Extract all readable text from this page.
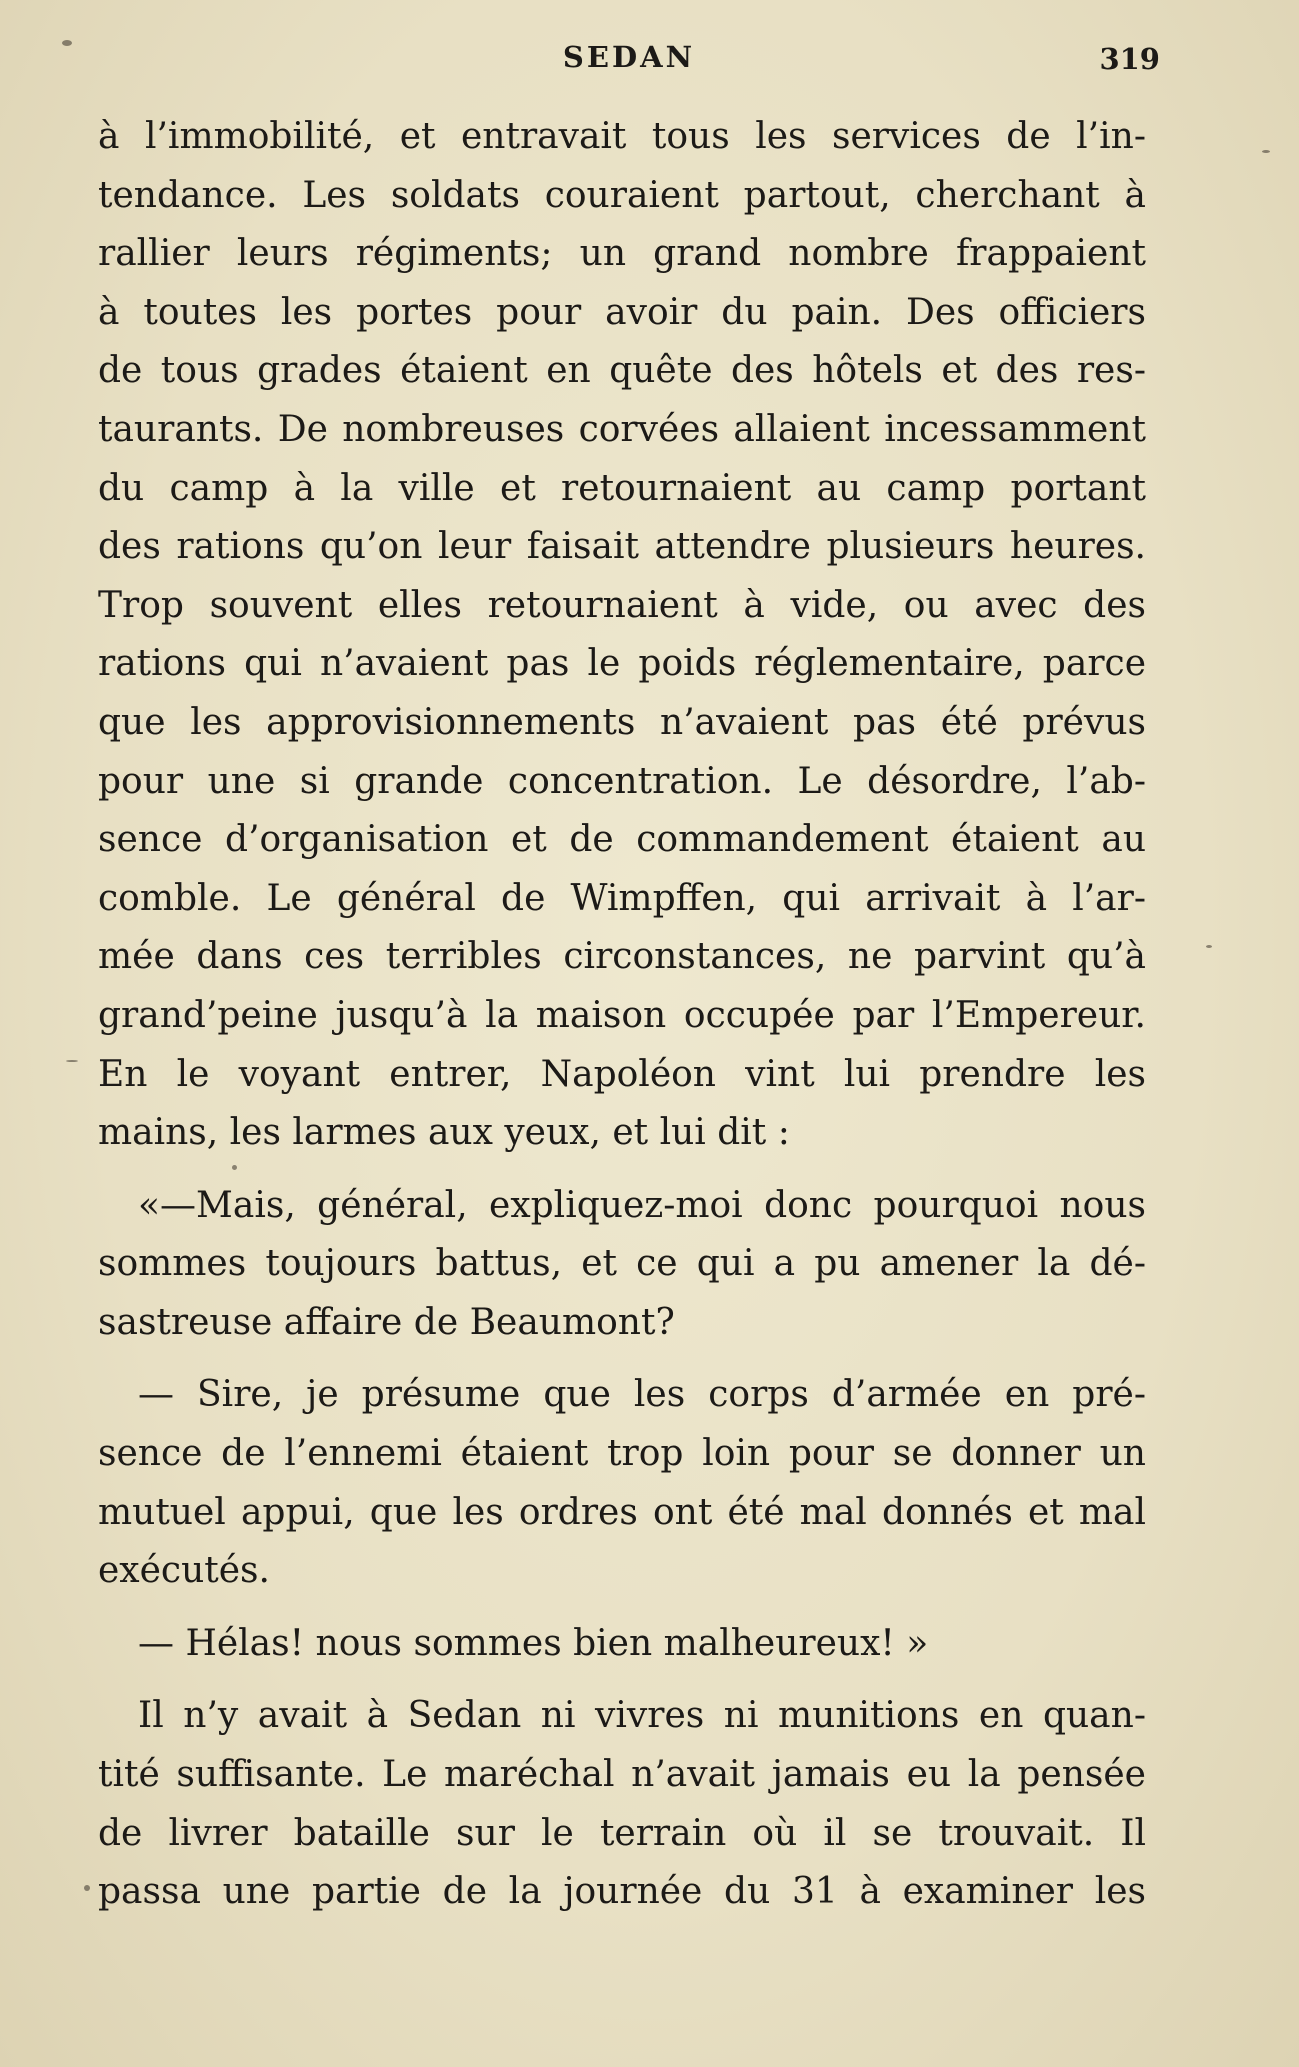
SEDAN	319
à l’immobilité, et entravait tous les services de l’in-
tendance. Les soldats couraient partout, cherchant à
rallier leurs régiments; un grand nombre frappaient
à toutes les portes pour avoir du pain. Des officiers
de tous grades étaient en quête des hôtels et des res-
taurants. De nombreuses corvées allaient incessamment
du camp à la ville et retournaient au camp portant
des rations qu’on leur faisait attendre plusieurs heures.
Trop souvent elles retournaient à vide, ou avec des
rations qui n’avaient pas le poids réglementaire, parce
que les approvisionnements n’avaient pas été prévus
pour une si grande concentration. Le désordre, l’ab-
sence d’organisation et de commandement étaient au
comble. Le général de Wimpffen, qui arrivait à l’ar-
mée dans ces terribles circonstances, ne parvint qu’à
grand’peine jusqu’à la maison occupée par l’Empereur.
En le voyant entrer, Napoléon vint lui prendre les
mains, les larmes aux yeux, et lui dit :
«—Mais, général, expliquez-moi donc pourquoi nous
sommes toujours battus, et ce qui a pu amener la dé-
sastreuse affaire de Beaumont?
— Sire, je présume que les corps d’armée en pré-
sence de l’ennemi étaient trop loin pour se donner un
mutuel appui, que les ordres ont été mal donnés et mal
exécutés.
— Hélas! nous sommes bien malheureux! »
Il n’y avait à Sedan ni vivres ni munitions en quan-
tité suffisante. Le maréchal n’avait jamais eu la pensée
de livrer bataille sur le terrain où il se trouvait. Il
passa une partie de la journée du 31 à examiner les
